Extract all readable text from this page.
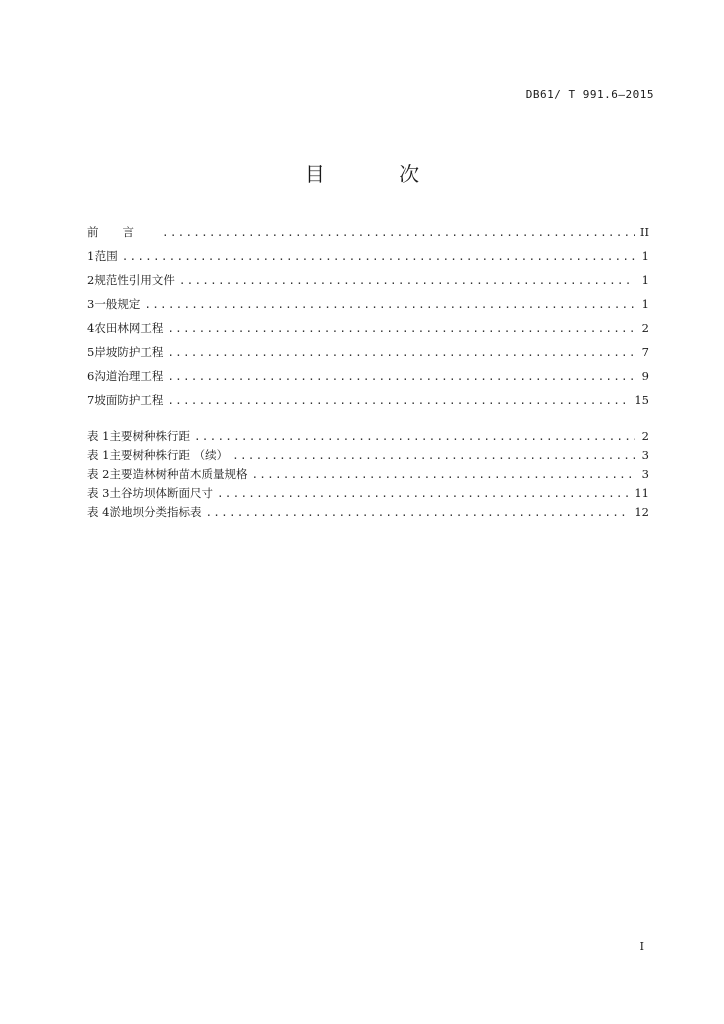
DB61/ T 991.6—2015
目 次
前言 .....	II
1 范围 .....	1
2 规范性引用文件 .....	1
3 一般规定 .....	1
4 农田林网工程 .....	2
5 岸坡防护工程 .....	7
6 沟道治理工程 .....	9
7 坡面防护工程 .....	15
表 1 主要树种株行距 .....	2
表 1 主要树种株行距 （续） .....	3
表 2 主要造林树种苗木质量规格 .....	3
表 3 土谷坊坝体断面尺寸 .....	11
表 4 淤地坝分类指标表 .....	12
I
